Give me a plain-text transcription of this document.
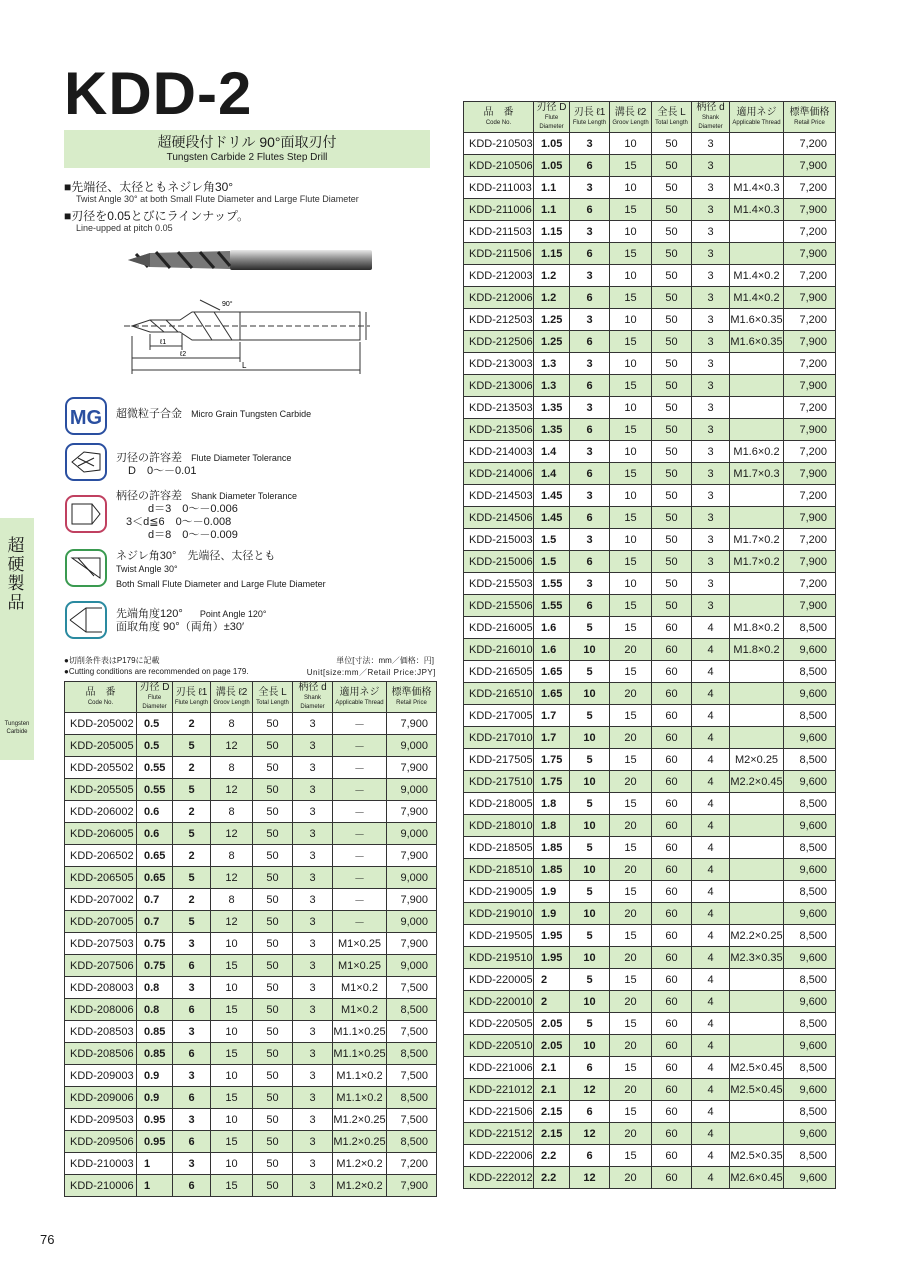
KDD-2
超硬段付ドリル 90°面取刃付
Tungsten Carbide 2 Flutes Step Drill
■先端径、太径ともネジレ角30°
Twist Angle 30° at both Small Flute Diameter and Large Flute Diameter
■刃径を0.05とびにラインナップ。
Line-upped at pitch 0.05
90°
ℓ1
ℓ2
L
MG 超微粒子合金 Micro Grain Tungsten Carbide
刃径の許容差 Flute Diameter Tolerance
D　0～－0.01
柄径の許容差 Shank Diameter Tolerance
d＝3　0～－0.006
3＜d≦6　0～－0.008
d＝8　0～－0.009
ネジレ角30°　先端径、太径とも
Twist Angle 30°
Both Small Flute Diameter and Large Flute Diameter
先端角度120° Point Angle 120°
面取角度 90°（両角）±30′
●切削条件表はP179に記載
●Cutting conditions are recommended on page 179.
単位[寸法：mm／価格：円]
Unit[size:mm／Retail Price:JPY]
超硬製品
Tungsten Carbide
品　番
Code No.	刃径 D
Flute Diameter	刃長 ℓ1
Flute Length	溝長 ℓ2
Groov Length	全長 L
Total Length	柄径 d
Shank Diameter	適用ネジ
Applicable Thread	標準価格
Retail Price

KDD-205002	0.5	2	8	50	3	－	7,900
KDD-205005	0.5	5	12	50	3	－	9,000
KDD-205502	0.55	2	8	50	3	－	7,900
KDD-205505	0.55	5	12	50	3	－	9,000
KDD-206002	0.6	2	8	50	3	－	7,900
KDD-206005	0.6	5	12	50	3	－	9,000
KDD-206502	0.65	2	8	50	3	－	7,900
KDD-206505	0.65	5	12	50	3	－	9,000
KDD-207002	0.7	2	8	50	3	－	7,900
KDD-207005	0.7	5	12	50	3	－	9,000
KDD-207503	0.75	3	10	50	3	M1×0.25	7,900
KDD-207506	0.75	6	15	50	3	M1×0.25	9,000
KDD-208003	0.8	3	10	50	3	M1×0.2	7,500
KDD-208006	0.8	6	15	50	3	M1×0.2	8,500
KDD-208503	0.85	3	10	50	3	M1.1×0.25	7,500
KDD-208506	0.85	6	15	50	3	M1.1×0.25	8,500
KDD-209003	0.9	3	10	50	3	M1.1×0.2	7,500
KDD-209006	0.9	6	15	50	3	M1.1×0.2	8,500
KDD-209503	0.95	3	10	50	3	M1.2×0.25	7,500
KDD-209506	0.95	6	15	50	3	M1.2×0.25	8,500
KDD-210003	1	3	10	50	3	M1.2×0.2	7,200
KDD-210006	1	6	15	50	3	M1.2×0.2	7,900
品　番
Code No.	刃径 D
Flute Diameter	刃長 ℓ1
Flute Length	溝長 ℓ2
Groov Length	全長 L
Total Length	柄径 d
Shank Diameter	適用ネジ
Applicable Thread	標準価格
Retail Price

KDD-210503	1.05	3	10	50	3		7,200
KDD-210506	1.05	6	15	50	3		7,900
KDD-211003	1.1	3	10	50	3	M1.4×0.3	7,200
KDD-211006	1.1	6	15	50	3	M1.4×0.3	7,900
KDD-211503	1.15	3	10	50	3		7,200
KDD-211506	1.15	6	15	50	3		7,900
KDD-212003	1.2	3	10	50	3	M1.4×0.2	7,200
KDD-212006	1.2	6	15	50	3	M1.4×0.2	7,900
KDD-212503	1.25	3	10	50	3	M1.6×0.35	7,200
KDD-212506	1.25	6	15	50	3	M1.6×0.35	7,900
KDD-213003	1.3	3	10	50	3		7,200
KDD-213006	1.3	6	15	50	3		7,900
KDD-213503	1.35	3	10	50	3		7,200
KDD-213506	1.35	6	15	50	3		7,900
KDD-214003	1.4	3	10	50	3	M1.6×0.2	7,200
KDD-214006	1.4	6	15	50	3	M1.7×0.3	7,900
KDD-214503	1.45	3	10	50	3		7,200
KDD-214506	1.45	6	15	50	3		7,900
KDD-215003	1.5	3	10	50	3	M1.7×0.2	7,200
KDD-215006	1.5	6	15	50	3	M1.7×0.2	7,900
KDD-215503	1.55	3	10	50	3		7,200
KDD-215506	1.55	6	15	50	3		7,900
KDD-216005	1.6	5	15	60	4	M1.8×0.2	8,500
KDD-216010	1.6	10	20	60	4	M1.8×0.2	9,600
KDD-216505	1.65	5	15	60	4		8,500
KDD-216510	1.65	10	20	60	4		9,600
KDD-217005	1.7	5	15	60	4		8,500
KDD-217010	1.7	10	20	60	4		9,600
KDD-217505	1.75	5	15	60	4	M2×0.25	8,500
KDD-217510	1.75	10	20	60	4	M2.2×0.45	9,600
KDD-218005	1.8	5	15	60	4		8,500
KDD-218010	1.8	10	20	60	4		9,600
KDD-218505	1.85	5	15	60	4		8,500
KDD-218510	1.85	10	20	60	4		9,600
KDD-219005	1.9	5	15	60	4		8,500
KDD-219010	1.9	10	20	60	4		9,600
KDD-219505	1.95	5	15	60	4	M2.2×0.25	8,500
KDD-219510	1.95	10	20	60	4	M2.3×0.35	9,600
KDD-220005	2	5	15	60	4		8,500
KDD-220010	2	10	20	60	4		9,600
KDD-220505	2.05	5	15	60	4		8,500
KDD-220510	2.05	10	20	60	4		9,600
KDD-221006	2.1	6	15	60	4	M2.5×0.45	8,500
KDD-221012	2.1	12	20	60	4	M2.5×0.45	9,600
KDD-221506	2.15	6	15	60	4		8,500
KDD-221512	2.15	12	20	60	4		9,600
KDD-222006	2.2	6	15	60	4	M2.5×0.35	8,500
KDD-222012	2.2	12	20	60	4	M2.6×0.45	9,600
76
